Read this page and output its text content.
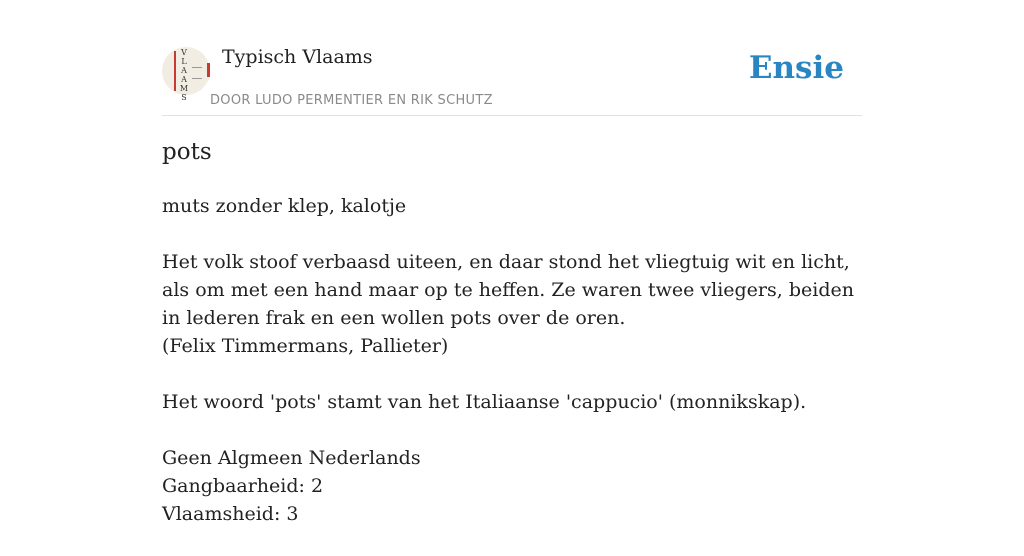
VLAAMS
Typisch Vlaams
DOOR LUDO PERMENTIER EN RIK SCHUTZ
Ensie
pots

muts zonder klep, kalotje

Het volk stoof verbaasd uiteen, en daar stond het vliegtuig wit en licht, als om met een hand maar op te heffen. Ze waren twee vliegers, beiden in lederen frak en een wollen pots over de oren.
(Felix Timmermans, Pallieter)

Het woord 'pots' stamt van het Italiaanse 'cappucio' (monnikskap).

Geen Algmeen Nederlands
Gangbaarheid: 2
Vlaamsheid: 3
